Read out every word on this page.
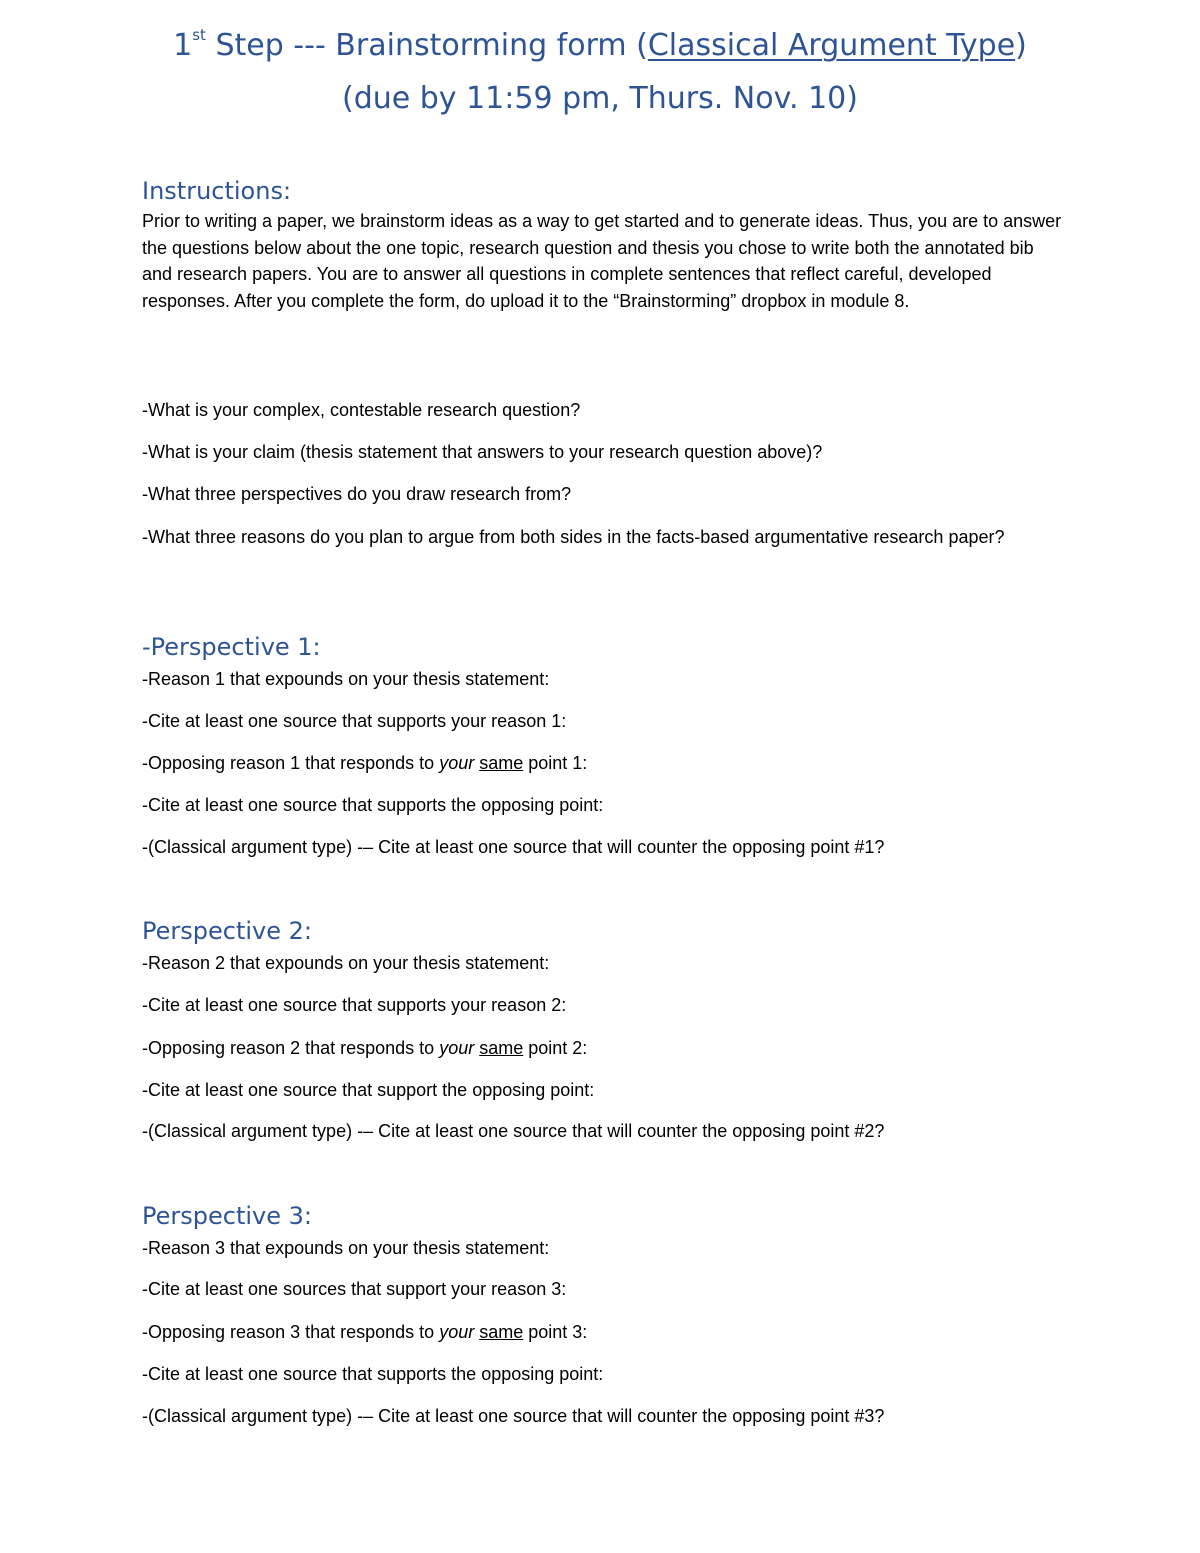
1st Step --- Brainstorming form (Classical Argument Type)
(due by 11:59 pm, Thurs. Nov. 10)
Instructions:
Prior to writing a paper, we brainstorm ideas as a way to get started and to generate ideas. Thus, you are to answer the questions below about the one topic, research question and thesis you chose to write both the annotated bib and research papers. You are to answer all questions in complete sentences that reflect careful, developed responses. After you complete the form, do upload it to the “Brainstorming” dropbox in module 8.
-What is your complex, contestable research question?
-What is your claim (thesis statement that answers to your research question above)?
-What three perspectives do you draw research from?
-What three reasons do you plan to argue from both sides in the facts-based argumentative research paper?
-Perspective 1:
-Reason 1 that expounds on your thesis statement:
-Cite at least one source that supports your reason 1:
-Opposing reason 1 that responds to your same point 1:
-Cite at least one source that supports the opposing point:
-(Classical argument type) -– Cite at least one source that will counter the opposing point #1?
Perspective 2:
-Reason 2 that expounds on your thesis statement:
-Cite at least one source that supports your reason 2:
-Opposing reason 2 that responds to your same point 2:
-Cite at least one source that support the opposing point:
-(Classical argument type) -– Cite at least one source that will counter the opposing point #2?
Perspective 3:
-Reason 3 that expounds on your thesis statement:
-Cite at least one sources that support your reason 3:
-Opposing reason 3 that responds to your same point 3:
-Cite at least one source that supports the opposing point:
-(Classical argument type) -– Cite at least one source that will counter the opposing point #3?
